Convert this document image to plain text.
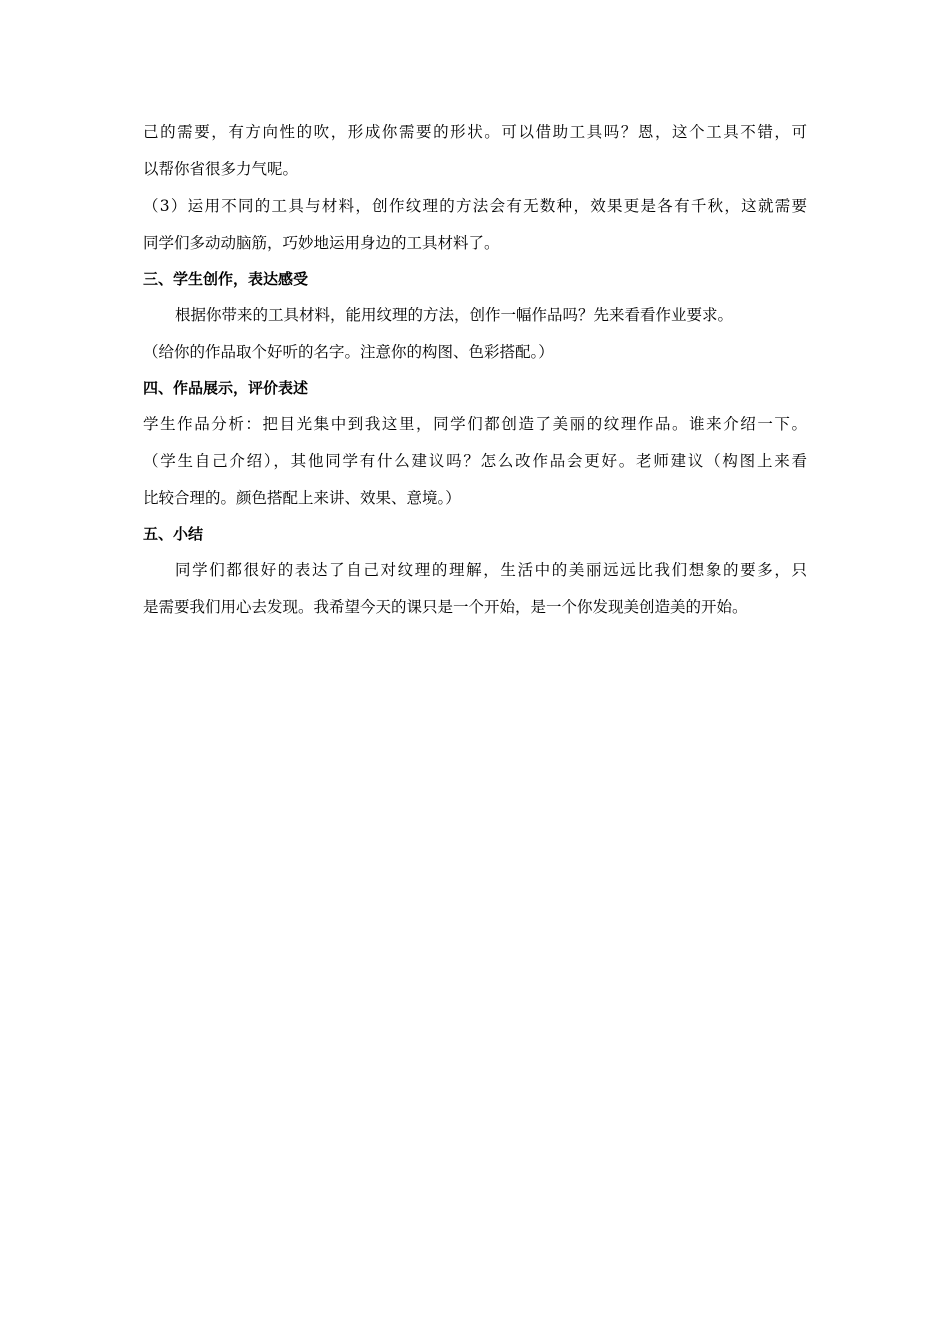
己的需要，有方向性的吹，形成你需要的形状。可以借助工具吗？恩，这个工具不错，可
以帮你省很多力气呢。
（3）运用不同的工具与材料，创作纹理的方法会有无数种，效果更是各有千秋，这就需要
同学们多动动脑筋，巧妙地运用身边的工具材料了。
三、学生创作，表达感受
根据你带来的工具材料，能用纹理的方法，创作一幅作品吗？先来看看作业要求。
（给你的作品取个好听的名字。注意你的构图、色彩搭配。）
四、作品展示，评价表述
学生作品分析：把目光集中到我这里，同学们都创造了美丽的纹理作品。谁来介绍一下。
（学生自己介绍），其他同学有什么建议吗？怎么改作品会更好。老师建议（构图上来看
比较合理的。颜色搭配上来讲、效果、意境。）
五、小结
同学们都很好的表达了自己对纹理的理解，生活中的美丽远远比我们想象的要多，只
是需要我们用心去发现。我希望今天的课只是一个开始，是一个你发现美创造美的开始。
